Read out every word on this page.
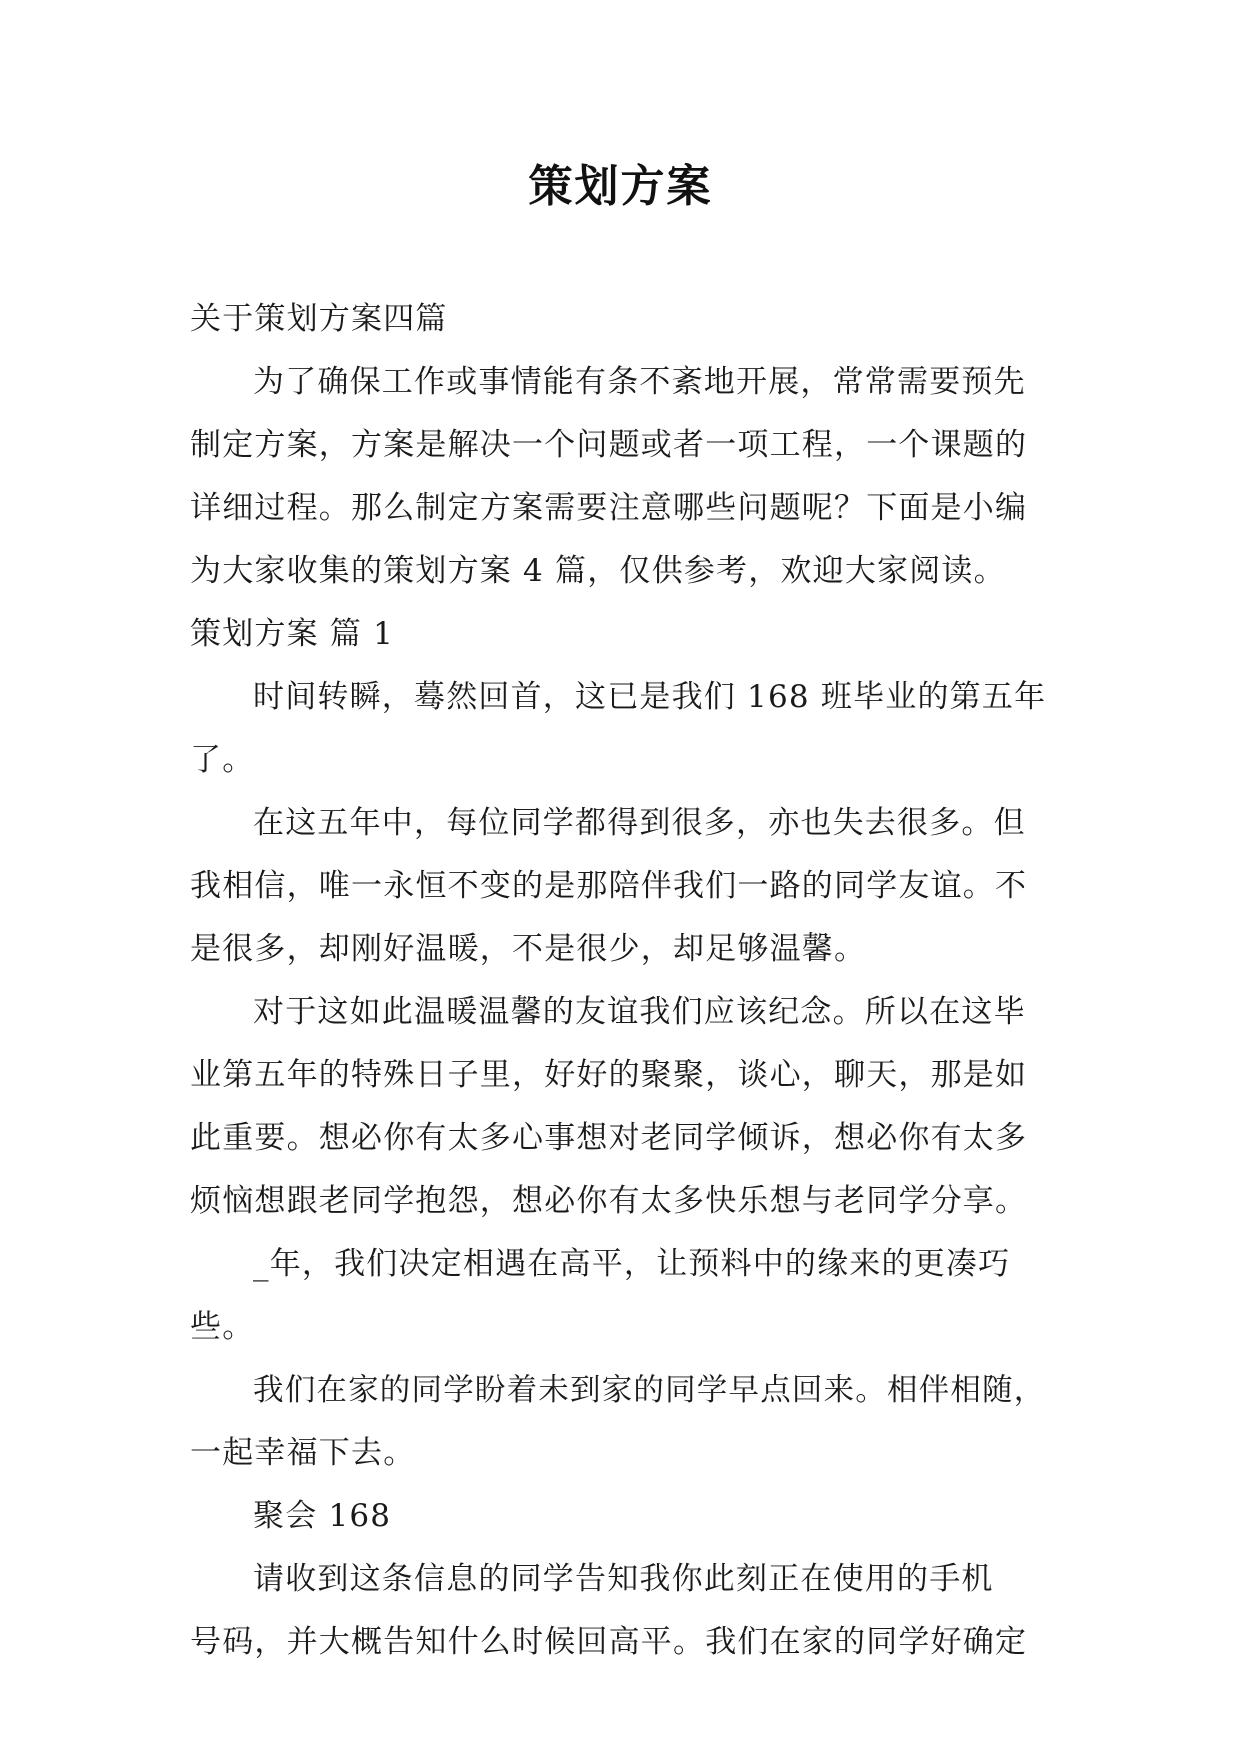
策划方案
关于策划方案四篇
为了确保工作或事情能有条不紊地开展，常常需要预先
制定方案，方案是解决一个问题或者一项工程，一个课题的
详细过程。那么制定方案需要注意哪些问题呢？下面是小编
为大家收集的策划方案 4 篇，仅供参考，欢迎大家阅读。
策划方案 篇 1
时间转瞬，蓦然回首，这已是我们 168 班毕业的第五年
了。
在这五年中，每位同学都得到很多，亦也失去很多。但
我相信，唯一永恒不变的是那陪伴我们一路的同学友谊。不
是很多，却刚好温暖，不是很少，却足够温馨。
对于这如此温暖温馨的友谊我们应该纪念。所以在这毕
业第五年的特殊日子里，好好的聚聚，谈心，聊天，那是如
此重要。想必你有太多心事想对老同学倾诉，想必你有太多
烦恼想跟老同学抱怨，想必你有太多快乐想与老同学分享。
_年，我们决定相遇在高平，让预料中的缘来的更凑巧
些。
我们在家的同学盼着未到家的同学早点回来。相伴相随，
一起幸福下去。
聚会 168
请收到这条信息的同学告知我你此刻正在使用的手机
号码，并大概告知什么时候回高平。我们在家的同学好确定
